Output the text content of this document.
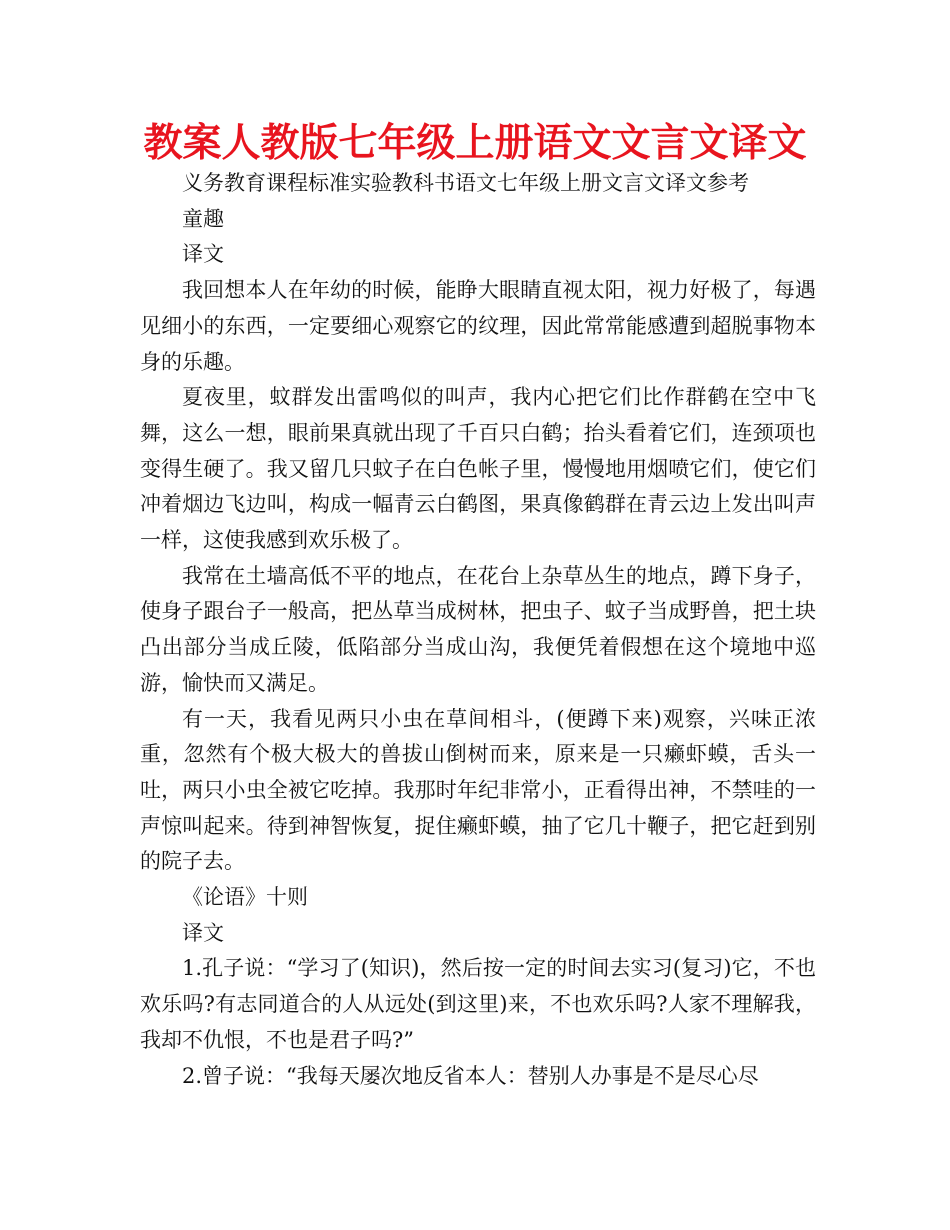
教案人教版七年级上册语文文言文译文

义务教育课程标准实验教科书语文七年级上册文言文译文参考

童趣

译文

我回想本人在年幼的时候，能睁大眼睛直视太阳，视力好极了，每遇见细小的东西，一定要细心观察它的纹理，因此常常能感遭到超脱事物本身的乐趣。

夏夜里，蚊群发出雷鸣似的叫声，我内心把它们比作群鹤在空中飞舞，这么一想，眼前果真就出现了千百只白鹤；抬头看着它们，连颈项也变得生硬了。我又留几只蚊子在白色帐子里，慢慢地用烟喷它们，使它们冲着烟边飞边叫，构成一幅青云白鹤图，果真像鹤群在青云边上发出叫声一样，这使我感到欢乐极了。

我常在土墙高低不平的地点，在花台上杂草丛生的地点，蹲下身子，使身子跟台子一般高，把丛草当成树林，把虫子、蚊子当成野兽，把土块凸出部分当成丘陵，低陷部分当成山沟，我便凭着假想在这个境地中巡游，愉快而又满足。

有一天，我看见两只小虫在草间相斗，(便蹲下来)观察，兴味正浓重，忽然有个极大极大的兽拔山倒树而来，原来是一只癞虾蟆，舌头一吐，两只小虫全被它吃掉。我那时年纪非常小，正看得出神，不禁哇的一声惊叫起来。待到神智恢复，捉住癞虾蟆，抽了它几十鞭子，把它赶到别的院子去。

《论语》十则

译文

1.孔子说：“学习了(知识)，然后按一定的时间去实习(复习)它，不也欢乐吗?有志同道合的人从远处(到这里)来，不也欢乐吗?人家不理解我，我却不仇恨，不也是君子吗?”

2.曾子说：“我每天屡次地反省本人：替别人办事是不是尽心尽
